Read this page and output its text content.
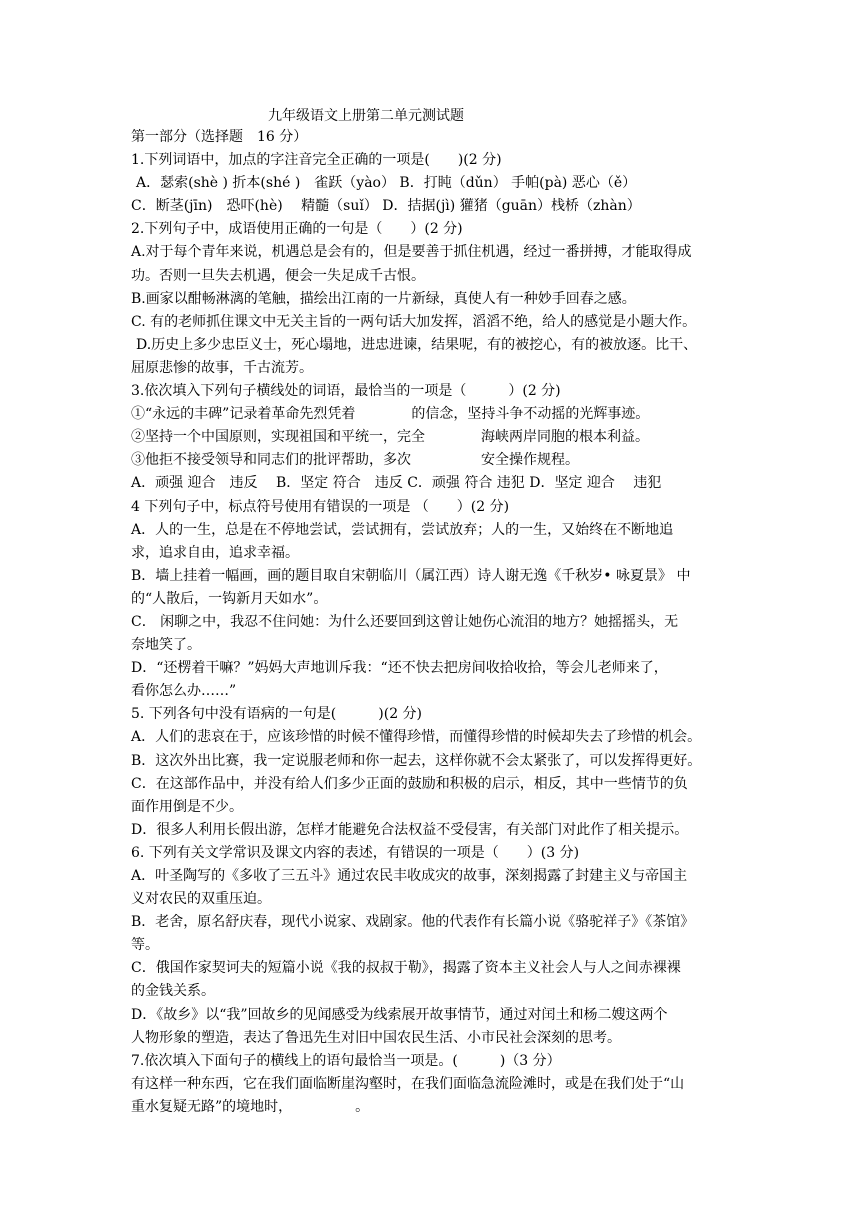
九年级语文上册第二单元测试题
第一部分（选择题　16 分）
1.下列词语中，加点的字注音完全正确的一项是(　　)(2 分)
A．瑟索(shè ) 折本(shé )　雀跃（yào） B．打盹（dǔn） 手帕(pà) 恶心（ě）
C．断茎(jīn)　恐吓(hè)　 精髓（suǐ） D．拮据(jì) 獾猪（guān）栈桥（zhàn）
2.下列句子中，成语使用正确的一句是（　　）(2 分)
A.对于每个青年来说，机遇总是会有的，但是要善于抓住机遇，经过一番拼搏，才能取得成
功。否则一旦失去机遇，便会一失足成千古恨。
B.画家以酣畅淋漓的笔触，描绘出江南的一片新绿，真使人有一种妙手回春之感。
C. 有的老师抓住课文中无关主旨的一两句话大加发挥，滔滔不绝，给人的感觉是小题大作。
D.历史上多少忠臣义士，死心塌地，进忠进谏，结果呢，有的被挖心，有的被放逐。比干、
屈原悲惨的故事，千古流芳。
3.依次填入下列句子横线处的词语，最恰当的一项是（　　　）(2 分)
①“永远的丰碑”记录着革命先烈凭着　　　　的信念，坚持斗争不动摇的光辉事迹。
②坚持一个中国原则，实现祖国和平统一，完全　　　　海峡两岸同胞的根本利益。
③他拒不接受领导和同志们的批评帮助，多次　　　　　安全操作规程。
A．顽强 迎合　违反　 B．坚定 符合　违反 C．顽强 符合 违犯 D．坚定 迎合　 违犯
4 下列句子中，标点符号使用有错误的一项是 （　　）(2 分)
A．人的一生，总是在不停地尝试，尝试拥有，尝试放弃；人的一生，又始终在不断地追
求，追求自由，追求幸福。
B．墙上挂着一幅画，画的题目取自宋朝临川（属江西）诗人谢无逸《千秋岁• 咏夏景》 中
的“人散后，一钩新月天如水”。
C． 闲聊之中，我忍不住问她：为什么还要回到这曾让她伤心流泪的地方？她摇摇头，无
奈地笑了。
D．“还楞着干嘛？”妈妈大声地训斥我：“还不快去把房间收拾收拾，等会儿老师来了，
看你怎么办……”
5. 下列各句中没有语病的一句是(　　　)(2 分)
A．人们的悲哀在于，应该珍惜的时候不懂得珍惜，而懂得珍惜的时候却失去了珍惜的机会。
B．这次外出比赛，我一定说服老师和你一起去，这样你就不会太紧张了，可以发挥得更好。
C．在这部作品中，并没有给人们多少正面的鼓励和积极的启示，相反，其中一些情节的负
面作用倒是不少。
D．很多人利用长假出游，怎样才能避免合法权益不受侵害，有关部门对此作了相关提示。
6. 下列有关文学常识及课文内容的表述，有错误的一项是（　　）(3 分)
A．叶圣陶写的《多收了三五斗》通过农民丰收成灾的故事，深刻揭露了封建主义与帝国主
义对农民的双重压迫。
B．老舍，原名舒庆春，现代小说家、戏剧家。他的代表作有长篇小说《骆驼祥子》《茶馆》
等。
C．俄国作家契诃夫的短篇小说《我的叔叔于勒》，揭露了资本主义社会人与人之间赤裸裸
的金钱关系。
D．《故乡》以“我”回故乡的见闻感受为线索展开故事情节，通过对闰土和杨二嫂这两个
人物形象的塑造，表达了鲁迅先生对旧中国农民生活、小市民社会深刻的思考。
7.依次填入下面句子的横线上的语句最恰当一项是。(　　　)（3 分）
有这样一种东西，它在我们面临断崖沟壑时，在我们面临急流险滩时，或是在我们处于“山
重水复疑无路”的境地时，　　　　　。
